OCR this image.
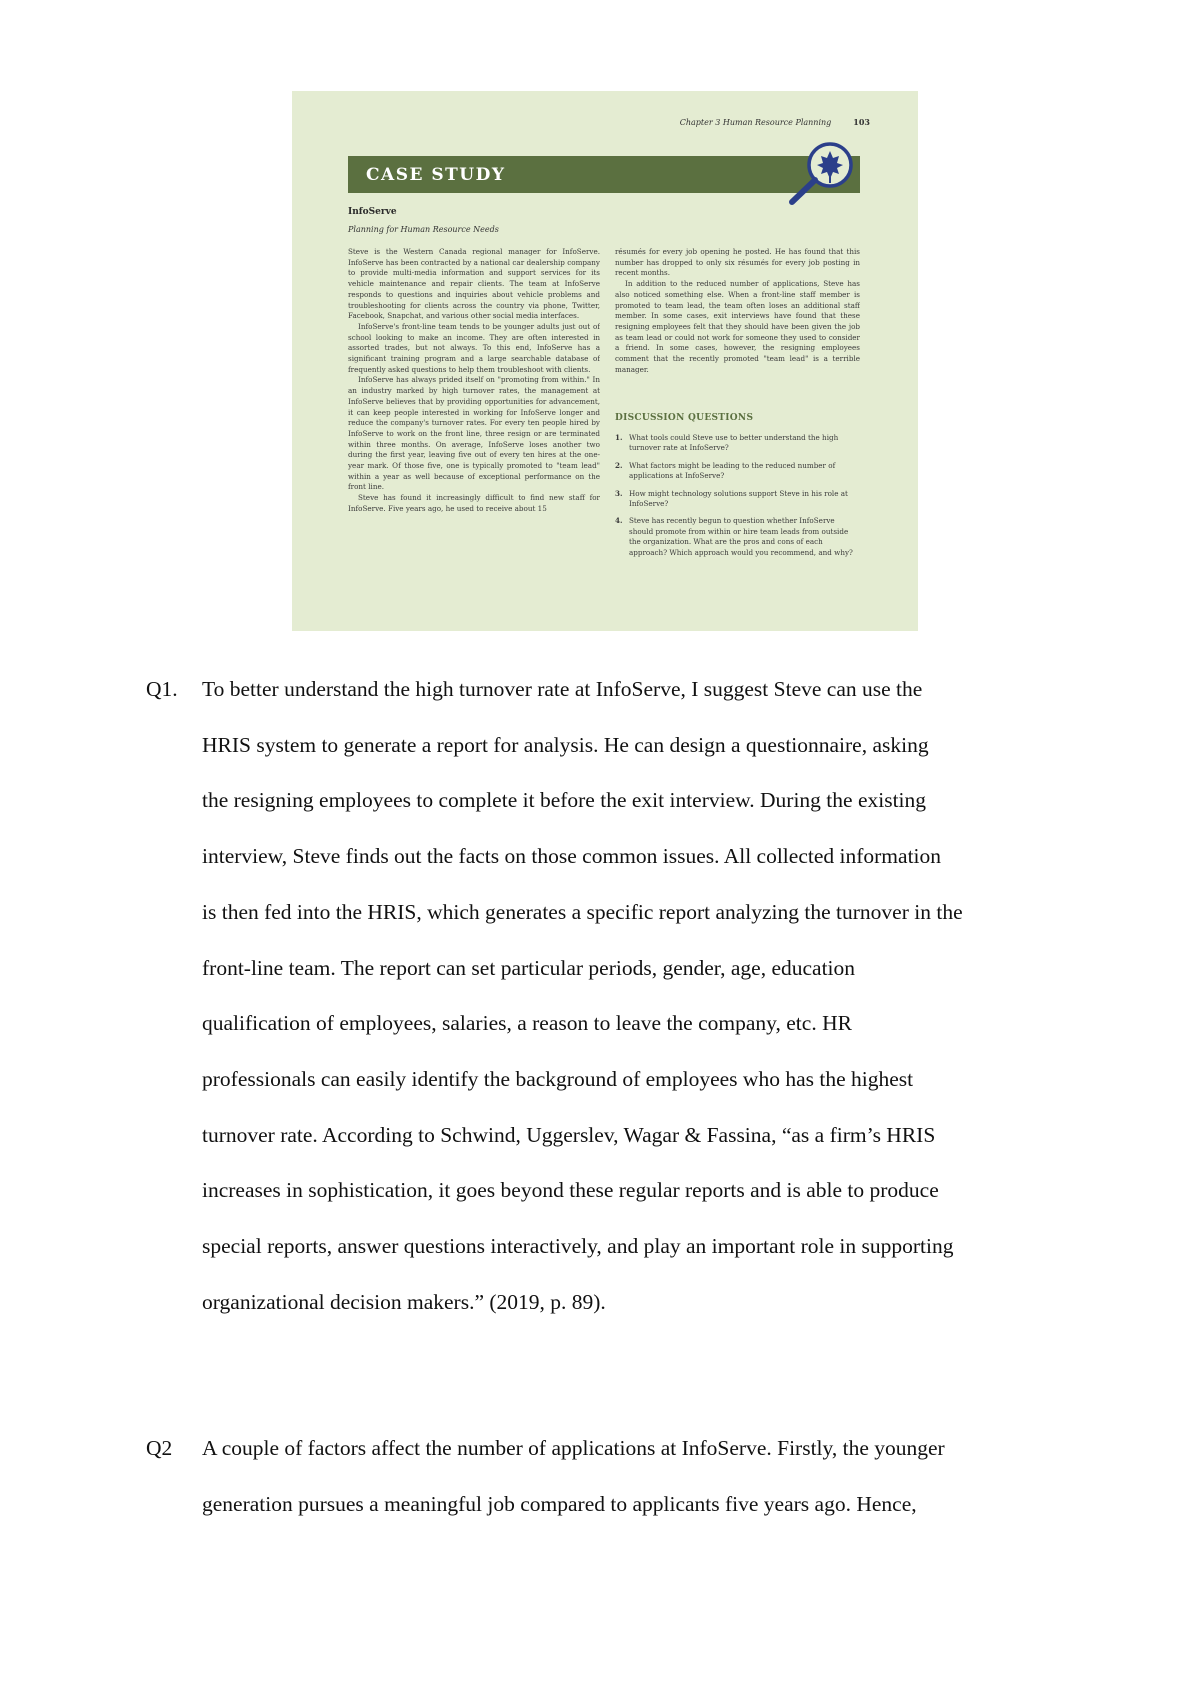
Chapter 3 Human Resource Planning	103
CASE STUDY
InfoServe
Planning for Human Resource Needs

Steve is the Western Canada regional manager for InfoServe. InfoServe has been contracted by a national car dealership company to provide multi-media information and support services for its vehicle maintenance and repair clients. The team at InfoServe responds to questions and inquiries about vehicle problems and troubleshooting for clients across the country via phone, Twitter, Facebook, Snapchat, and various other social media interfaces.

InfoServe's front-line team tends to be younger adults just out of school looking to make an income. They are often interested in assorted trades, but not always. To this end, InfoServe has a significant training program and a large searchable database of frequently asked questions to help them troubleshoot with clients.

InfoServe has always prided itself on "promoting from within." In an industry marked by high turnover rates, the management at InfoServe believes that by providing opportunities for advancement, it can keep people interested in working for InfoServe longer and reduce the company's turnover rates. For every ten people hired by InfoServe to work on the front line, three resign or are terminated within three months. On average, InfoServe loses another two during the first year, leaving five out of every ten hires at the one-year mark. Of those five, one is typically promoted to "team lead" within a year as well because of exceptional performance on the front line.

Steve has found it increasingly difficult to find new staff for InfoServe. Five years ago, he used to receive about 15

résumés for every job opening he posted. He has found that this number has dropped to only six résumés for every job posting in recent months.

In addition to the reduced number of applications, Steve has also noticed something else. When a front-line staff member is promoted to team lead, the team often loses an additional staff member. In some cases, exit interviews have found that these resigning employees felt that they should have been given the job as team lead or could not work for someone they used to consider a friend. In some cases, however, the resigning employees comment that the recently promoted "team lead" is a terrible manager.

DISCUSSION QUESTIONS
1. What tools could Steve use to better understand the high turnover rate at InfoServe?
2. What factors might be leading to the reduced number of applications at InfoServe?
3. How might technology solutions support Steve in his role at InfoServe?
4. Steve has recently begun to question whether InfoServe should promote from within or hire team leads from outside the organization. What are the pros and cons of each approach? Which approach would you recommend, and why?
Q1. To better understand the high turnover rate at InfoServe, I suggest Steve can use the
HRIS system to generate a report for analysis. He can design a questionnaire, asking
the resigning employees to complete it before the exit interview. During the existing
interview, Steve finds out the facts on those common issues. All collected information
is then fed into the HRIS, which generates a specific report analyzing the turnover in the
front-line team. The report can set particular periods, gender, age, education
qualification of employees, salaries, a reason to leave the company, etc. HR
professionals can easily identify the background of employees who has the highest
turnover rate. According to Schwind, Uggerslev, Wagar & Fassina, “as a firm’s HRIS
increases in sophistication, it goes beyond these regular reports and is able to produce
special reports, answer questions interactively, and play an important role in supporting
organizational decision makers.” (2019, p. 89).
Q2 A couple of factors affect the number of applications at InfoServe. Firstly, the younger
generation pursues a meaningful job compared to applicants five years ago. Hence,
